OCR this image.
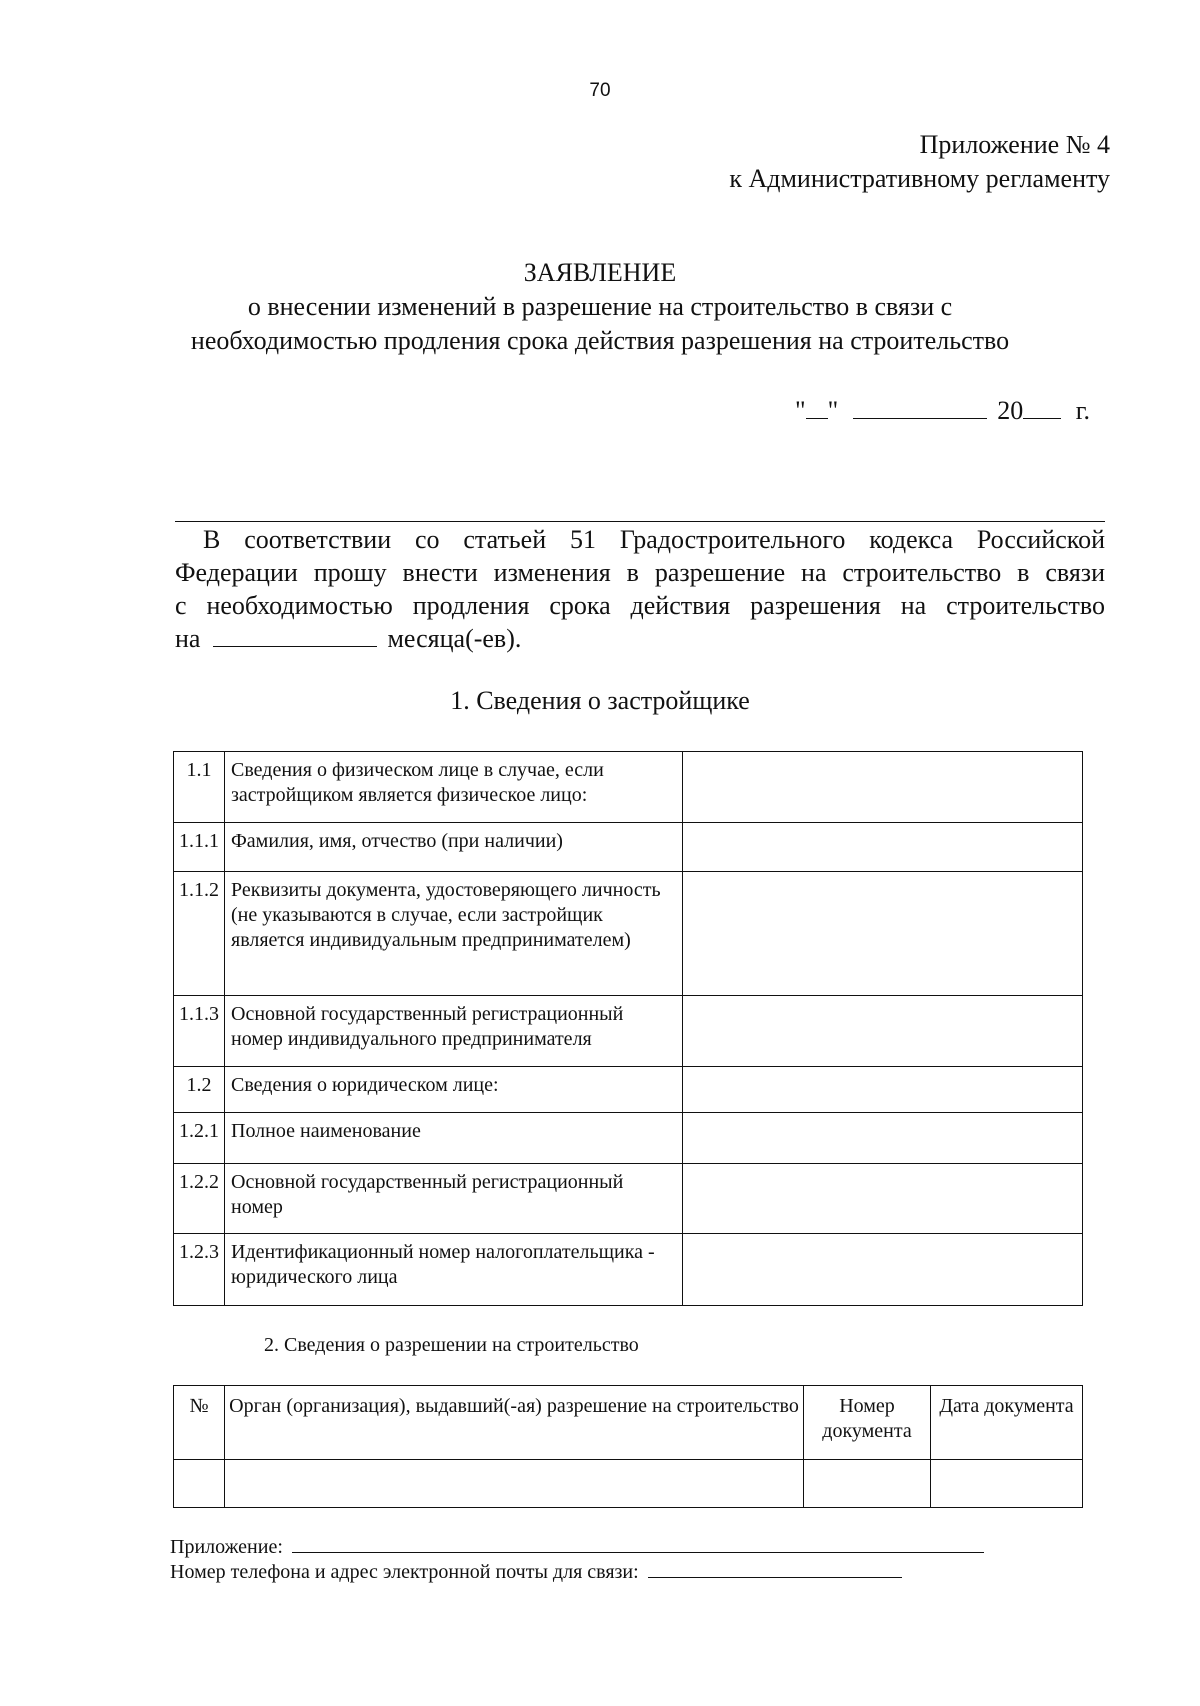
70
Приложение № 4
к Административному регламенту
ЗАЯВЛЕНИЕ
о внесении изменений в разрешение на строительство в связи с
необходимостью продления срока действия разрешения на строительство
" "	20 г.
В соответствии со статьей 51 Градостроительного кодекса Российской
Федерации прошу внести изменения в разрешение на строительство в связи
с необходимостью продления срока действия разрешения на строительство
на	месяца(-ев).
1. Сведения о застройщике
1.1	Сведения о физическом лице в случае, если застройщиком является физическое лицо:	
1.1.1	Фамилия, имя, отчество (при наличии)	
1.1.2	Реквизиты документа, удостоверяющего личность (не указываются в случае, если застройщик является индивидуальным предпринимателем)	
1.1.3	Основной государственный регистрационный номер индивидуального предпринимателя	
1.2	Сведения о юридическом лице:	
1.2.1	Полное наименование	
1.2.2	Основной государственный регистрационный номер	
1.2.3	Идентификационный номер налогоплательщика - юридического лица	
2. Сведения о разрешении на строительство
№	Орган (организация), выдавший(-ая) разрешение на строительство	Номер документа	Дата документа

Приложение:
Номер телефона и адрес электронной почты для связи:
